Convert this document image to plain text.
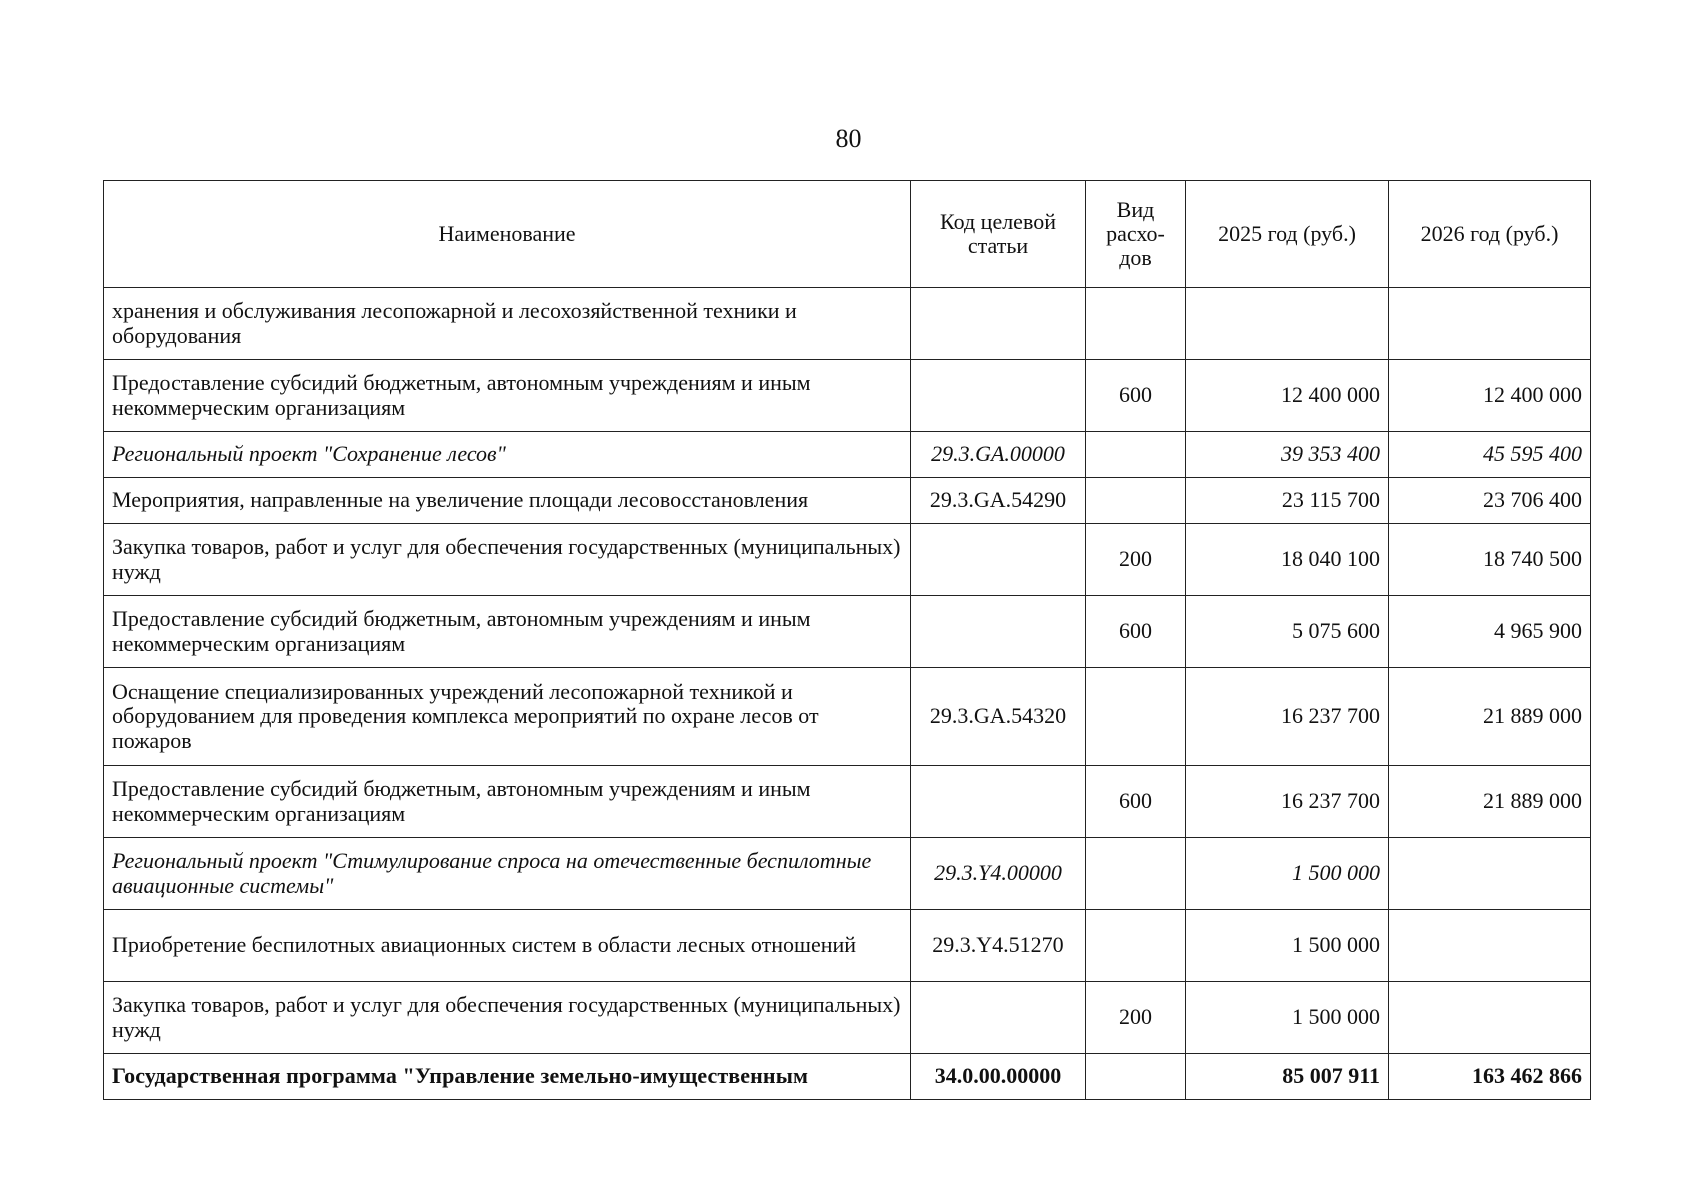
80
Наименование	Код целевой статьи	Вид расхо-дов	2025 год (руб.)	2026 год (руб.)
хранения и обслуживания лесопожарной и лесохозяйственной техники и оборудования				
Предоставление субсидий бюджетным, автономным учреждениям и иным некоммерческим организациям		600	12 400 000	12 400 000
Региональный проект "Сохранение лесов"	29.3.GA.00000		39 353 400	45 595 400
Мероприятия, направленные на увеличение площади лесовосстановления	29.3.GA.54290		23 115 700	23 706 400
Закупка товаров, работ и услуг для обеспечения государственных (муниципальных) нужд		200	18 040 100	18 740 500
Предоставление субсидий бюджетным, автономным учреждениям и иным некоммерческим организациям		600	5 075 600	4 965 900
Оснащение специализированных учреждений лесопожарной техникой и оборудованием для проведения комплекса мероприятий по охране лесов от пожаров	29.3.GA.54320		16 237 700	21 889 000
Предоставление субсидий бюджетным, автономным учреждениям и иным некоммерческим организациям		600	16 237 700	21 889 000
Региональный проект "Стимулирование спроса на отечественные беспилотные авиационные системы"	29.3.Y4.00000		1 500 000	
Приобретение беспилотных авиационных систем в области лесных отношений	29.3.Y4.51270		1 500 000	
Закупка товаров, работ и услуг для обеспечения государственных (муниципальных) нужд		200	1 500 000	
Государственная программа "Управление земельно-имущественным	34.0.00.00000		85 007 911	163 462 866
